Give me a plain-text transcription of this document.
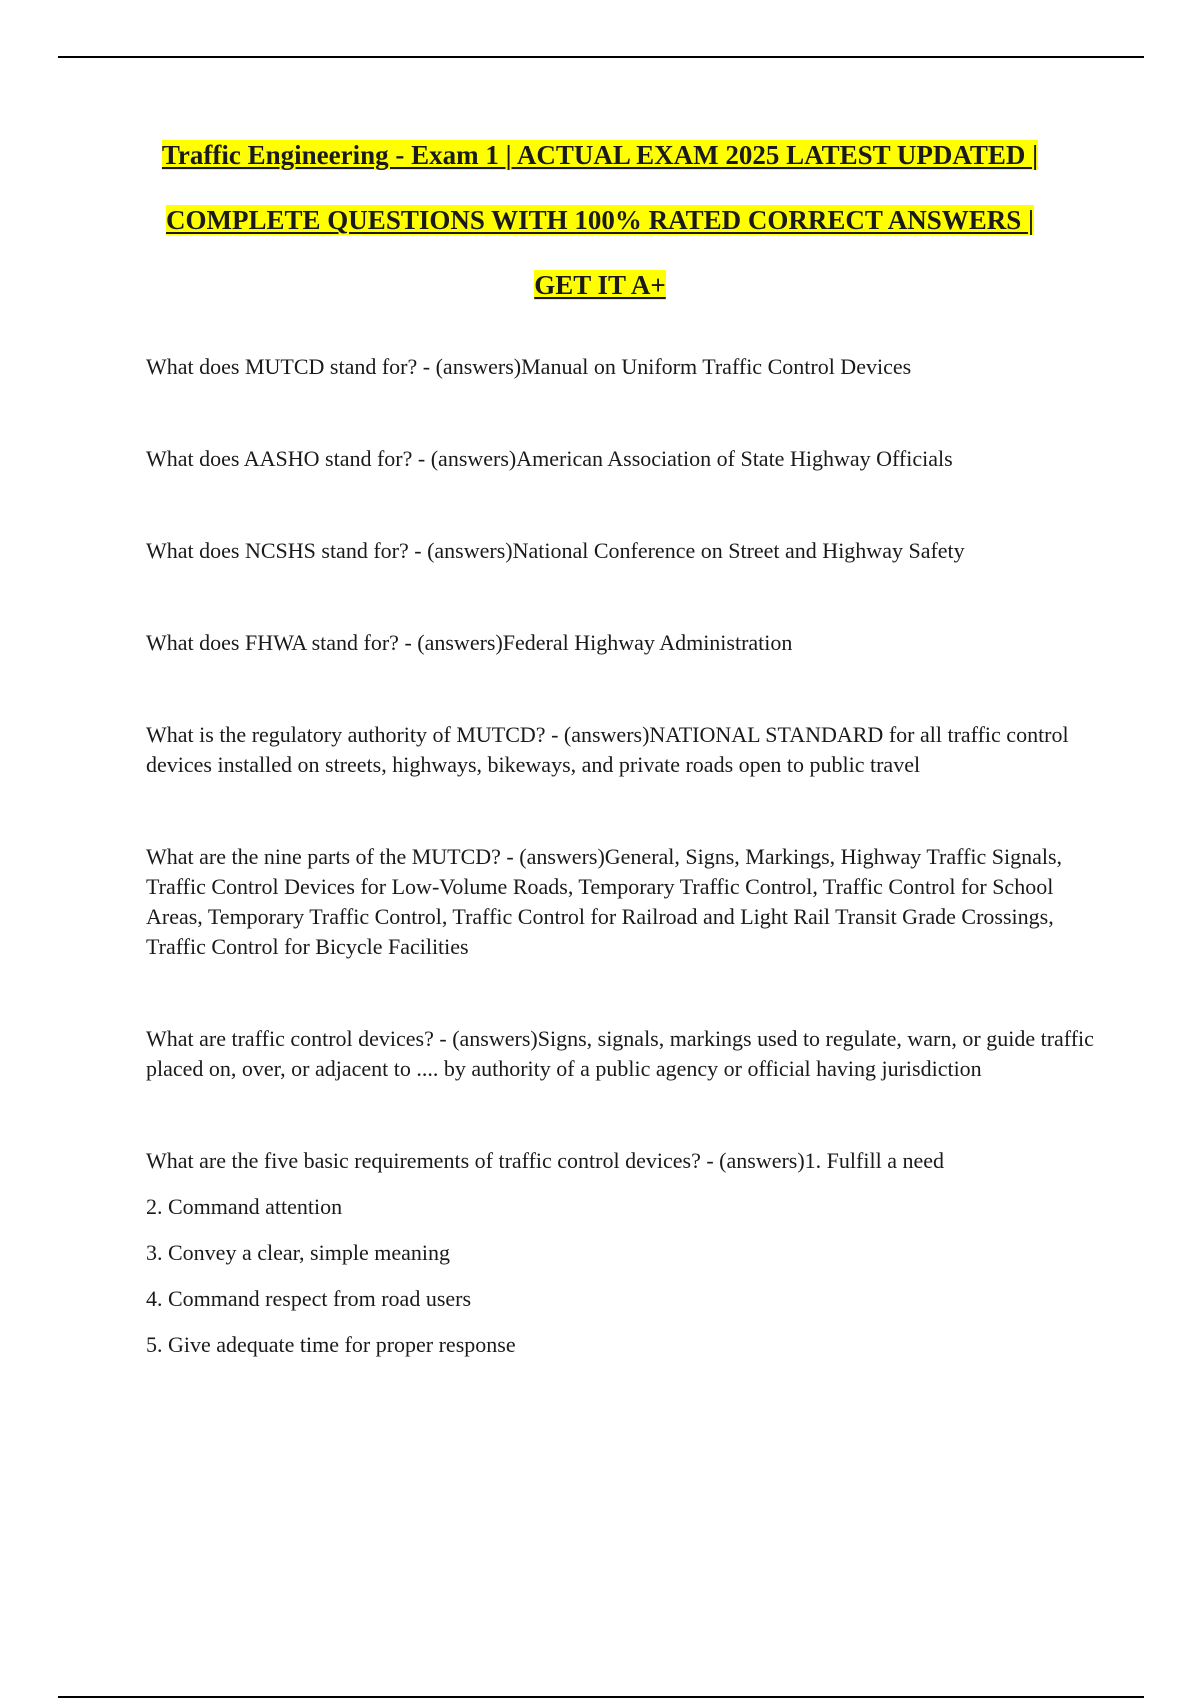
Traffic Engineering - Exam 1 | ACTUAL EXAM 2025 LATEST UPDATED |
COMPLETE QUESTIONS WITH 100% RATED CORRECT ANSWERS |
GET IT A+

What does MUTCD stand for? - (answers)Manual on Uniform Traffic Control Devices

What does AASHO stand for? - (answers)American Association of State Highway Officials

What does NCSHS stand for? - (answers)National Conference on Street and Highway Safety

What does FHWA stand for? - (answers)Federal Highway Administration

What is the regulatory authority of MUTCD? - (answers)NATIONAL STANDARD for all traffic control devices installed on streets, highways, bikeways, and private roads open to public travel

What are the nine parts of the MUTCD? - (answers)General, Signs, Markings, Highway Traffic Signals, Traffic Control Devices for Low-Volume Roads, Temporary Traffic Control, Traffic Control for School Areas, Temporary Traffic Control, Traffic Control for Railroad and Light Rail Transit Grade Crossings, Traffic Control for Bicycle Facilities

What are traffic control devices? - (answers)Signs, signals, markings used to regulate, warn, or guide traffic placed on, over, or adjacent to .... by authority of a public agency or official having jurisdiction

What are the five basic requirements of traffic control devices? - (answers)1. Fulfill a need

2. Command attention

3. Convey a clear, simple meaning

4. Command respect from road users

5. Give adequate time for proper response
